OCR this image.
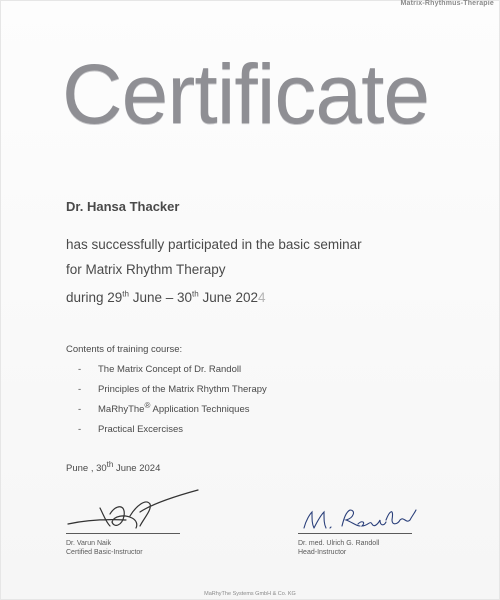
Matrix-Rhythmus-Therapie
Certificate
Dr. Hansa Thacker
has successfully participated in the basic seminar
for Matrix Rhythm Therapy
during 29th June – 30th June 2024
Contents of training course:
-	The Matrix Concept of Dr. Randoll
-	Principles of the Matrix Rhythm Therapy
-	MaRhyThe® Application Techniques
-	Practical Excercises
Pune , 30th June 2024
Dr. Varun Naik
Certified Basic-Instructor
Dr. med. Ulrich G. Randoll
Head-Instructor
MaRhyThe Systems GmbH & Co. KG
